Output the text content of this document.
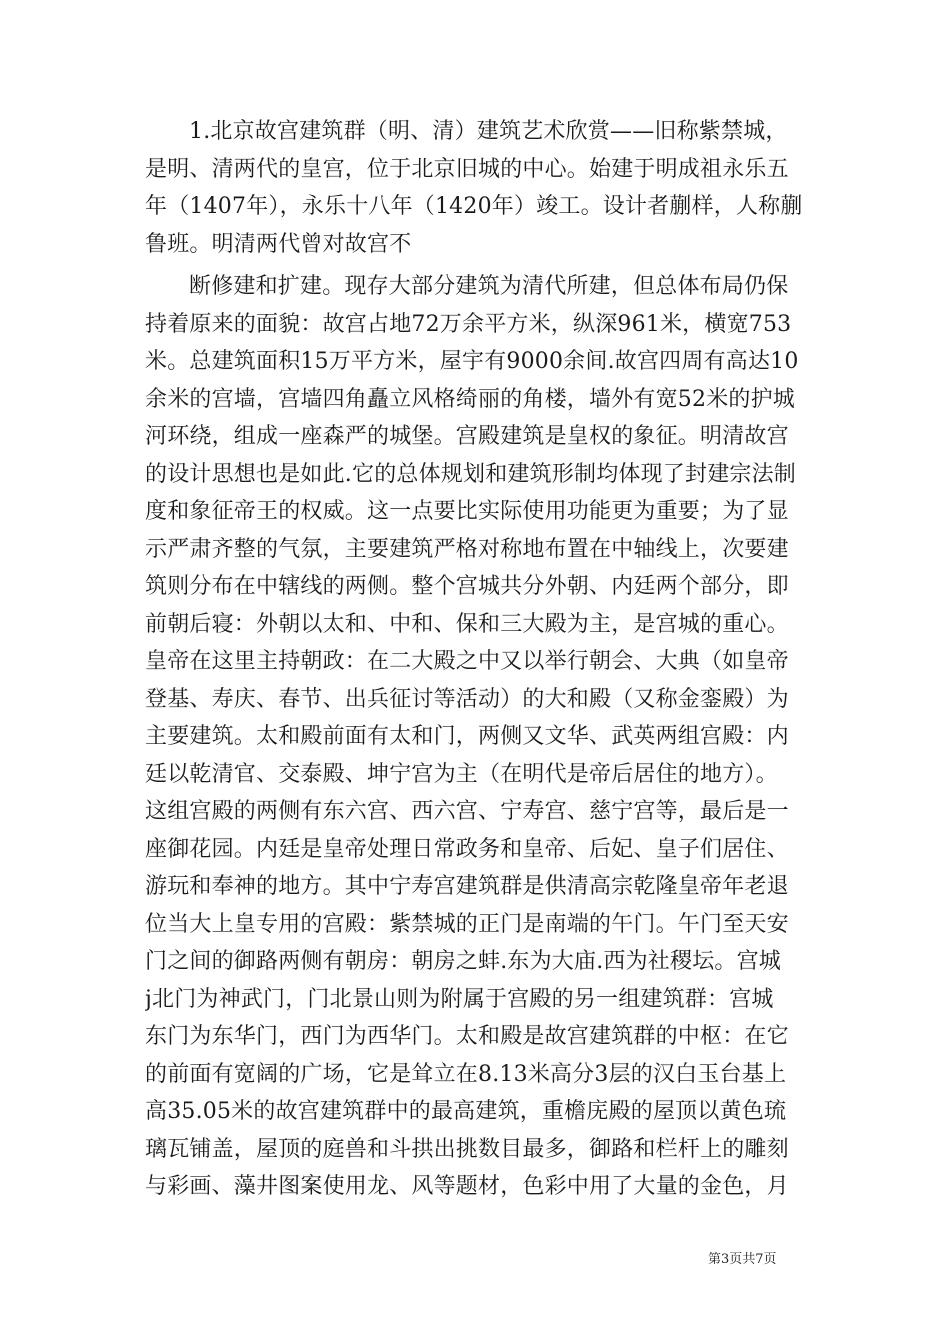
1.北京故宫建筑群（明、清）建筑艺术欣赏——旧称紫禁城，
是明、清两代的皇宫，位于北京旧城的中心。始建于明成祖永乐五
年（1407年），永乐十八年（1420年）竣工。设计者蒯样，人称蒯
鲁班。明清两代曾对故宫不
断修建和扩建。现存大部分建筑为清代所建，但总体布局仍保
持着原来的面貌：故宫占地72万余平方米，纵深961米，横宽753
米。总建筑面积15万平方米，屋宇有9000余间.故宫四周有高达10
余米的宫墙，宫墙四角矗立风格绮丽的角楼，墙外有宽52米的护城
河环绕，组成一座森严的城堡。宫殿建筑是皇权的象征。明清故宫
的设计思想也是如此.它的总体规划和建筑形制均体现了封建宗法制
度和象征帝王的权威。这一点要比实际使用功能更为重要；为了显
示严肃齐整的气氛，主要建筑严格对称地布置在中轴线上，次要建
筑则分布在中辖线的两侧。整个宫城共分外朝、内廷两个部分，即
前朝后寝：外朝以太和、中和、保和三大殿为主，是宫城的重心。
皇帝在这里主持朝政：在二大殿之中又以举行朝会、大典（如皇帝
登基、寿庆、春节、出兵征讨等活动）的大和殿（又称金銮殿）为
主要建筑。太和殿前面有太和门，两侧又文华、武英两组宫殿：内
廷以乾清官、交泰殿、坤宁宫为主（在明代是帝后居住的地方）。
这组宫殿的两侧有东六宫、西六宫、宁寿宫、慈宁宫等，最后是一
座御花园。内廷是皇帝处理日常政务和皇帝、后妃、皇子们居住、
游玩和奉神的地方。其中宁寿宫建筑群是供清高宗乾隆皇帝年老退
位当大上皇专用的宫殿：紫禁城的正门是南端的午门。午门至天安
门之间的御路两侧有朝房：朝房之蚌.东为大庙.西为社稷坛。宫城
j北门为神武门，门北景山则为附属于宫殿的另一组建筑群：宫城
东门为东华门，西门为西华门。太和殿是故宫建筑群的中枢：在它
的前面有宽阔的广场，它是耸立在8.13米高分3层的汉白玉台基上
高35.05米的故宫建筑群中的最高建筑，重檐庑殿的屋顶以黄色琉
璃瓦铺盖，屋顶的庭兽和斗拱出挑数目最多，御路和栏杆上的雕刻
与彩画、藻井图案使用龙、风等题材，色彩中用了大量的金色，月
第3页共7页
